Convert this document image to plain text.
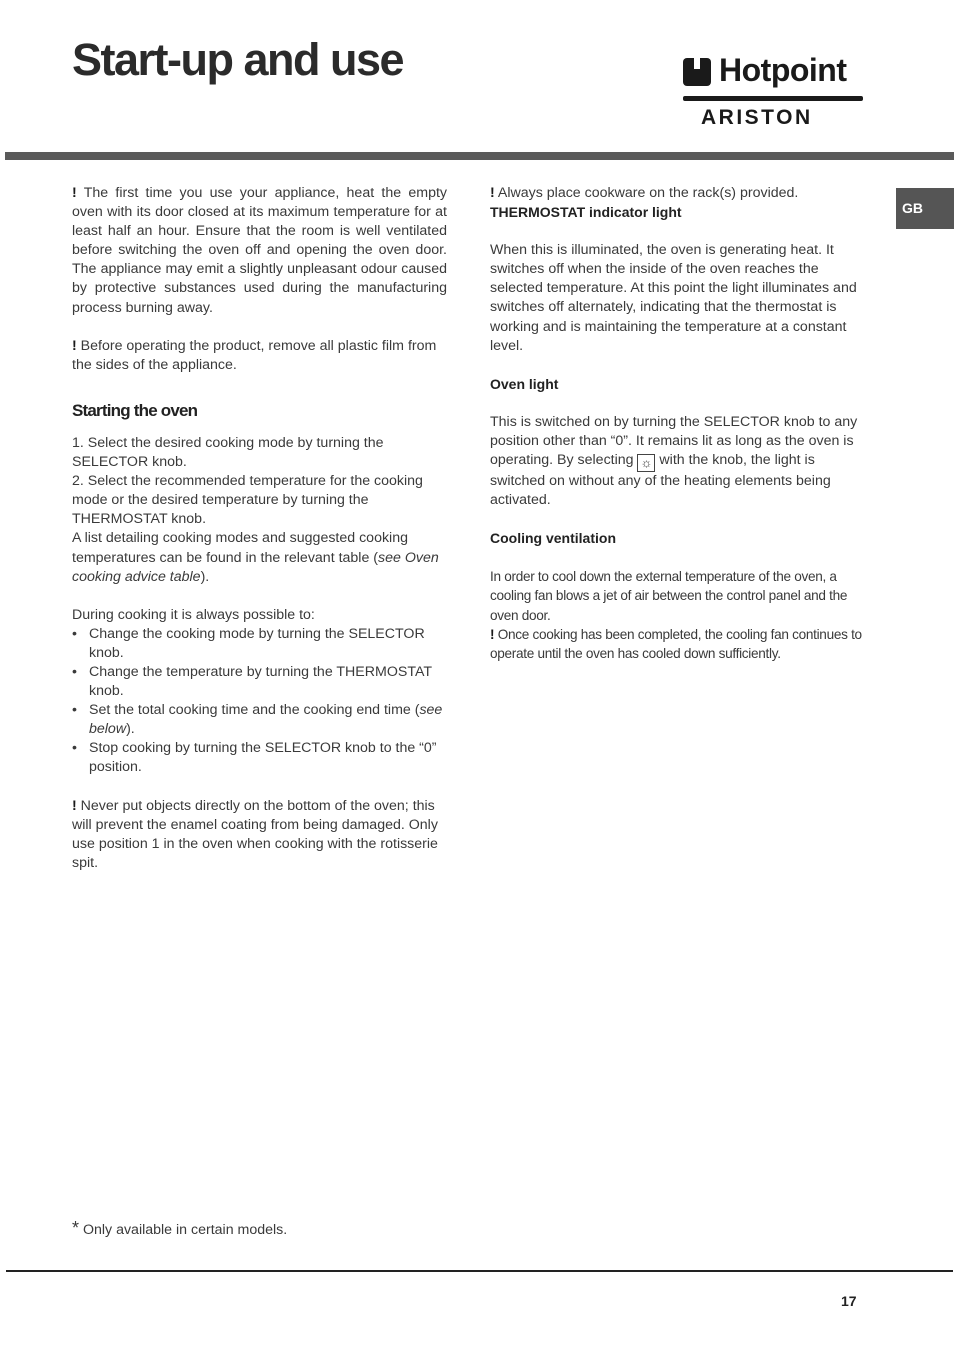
Start-up and use	Hotpoint
ARISTON
GB

! The first time you use your appliance, heat the empty oven with its door closed at its maximum temperature for at least half an hour. Ensure that the room is well ventilated before switching the oven off and opening the oven door. The appliance may emit a slightly unpleasant odour caused by protective substances used during the manufacturing process burning away.

! Before operating the product, remove all plastic film from the sides of the appliance.

Starting the oven

1. Select the desired cooking mode by turning the SELECTOR knob.

2. Select the recommended temperature for the cooking mode or the desired temperature by turning the THERMOSTAT knob.

A list detailing cooking modes and suggested cooking temperatures can be found in the relevant table (see Oven cooking advice table).

During cooking it is always possible to:

• Change the cooking mode by turning the SELECTOR knob.

• Change the temperature by turning the THERMOSTAT knob.

• Set the total cooking time and the cooking end time (see below).

• Stop cooking by turning the SELECTOR knob to the “0” position.

! Never put objects directly on the bottom of the oven; this will prevent the enamel coating from being damaged. Only use position 1 in the oven when cooking with the rotisserie spit.

! Always place cookware on the rack(s) provided.

THERMOSTAT indicator light

When this is illuminated, the oven is generating heat. It switches off when the inside of the oven reaches the selected temperature. At this point the light illuminates and switches off alternately, indicating that the thermostat is working and is maintaining the temperature at a constant level.

Oven light

This is switched on by turning the SELECTOR knob to any position other than “0”. It remains lit as long as the oven is operating. By selecting ☼ with the knob, the light is switched on without any of the heating elements being activated.

Cooling ventilation

In order to cool down the external temperature of the oven, a cooling fan blows a jet of air between the control panel and the oven door.

! Once cooking has been completed, the cooling fan continues to operate until the oven has cooled down sufficiently.

* Only available in certain models.
17
